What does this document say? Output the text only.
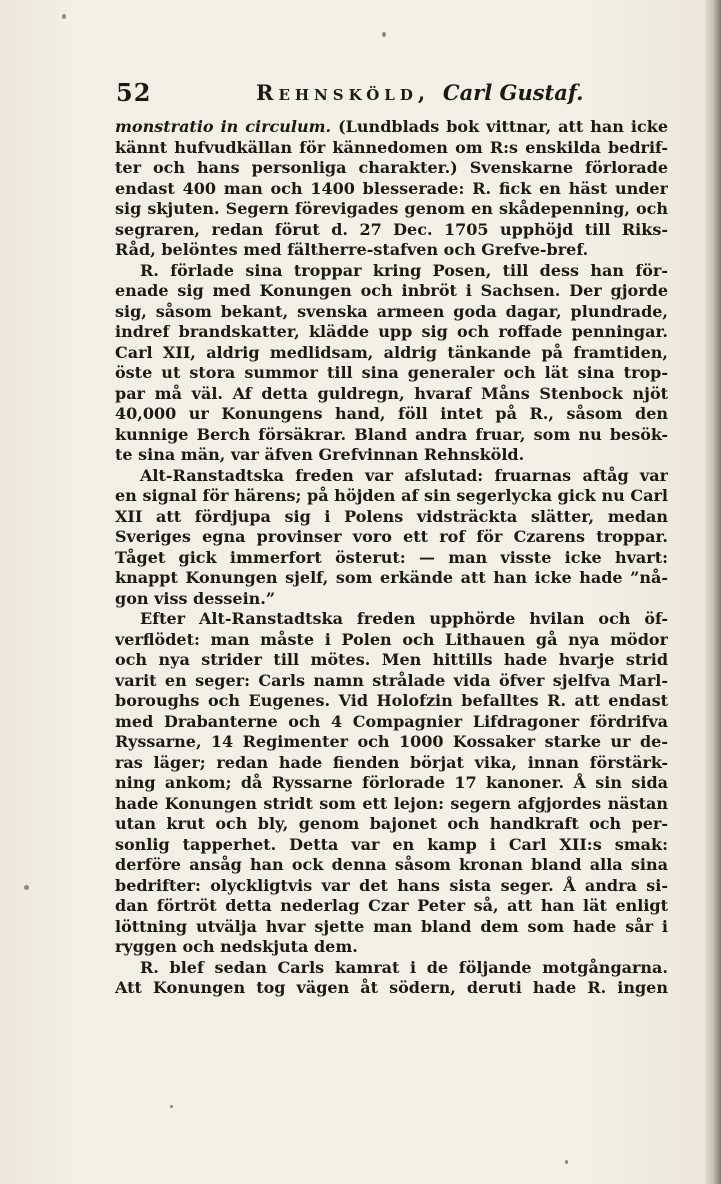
52	Rehnsköld, Carl Gustaf.
monstratio in circulum. (Lundblads bok vittnar, att han icke
kännt hufvudkällan för kännedomen om R:s enskilda bedrif-
ter och hans personliga charakter.) Svenskarne förlorade
endast 400 man och 1400 blesserade: R. fick en häst under
sig skjuten. Segern förevigades genom en skådepenning, och
segraren, redan förut d. 27 Dec. 1705 upphöjd till Riks-
Råd, belöntes med fältherre-stafven och Grefve-bref.
R. förlade sina troppar kring Posen, till dess han för-
enade sig med Konungen och inbröt i Sachsen. Der gjorde
sig, såsom bekant, svenska armeen goda dagar, plundrade,
indref brandskatter, klädde upp sig och roffade penningar.
Carl XII, aldrig medlidsam, aldrig tänkande på framtiden,
öste ut stora summor till sina generaler och lät sina trop-
par må väl. Af detta guldregn, hvaraf Måns Stenbock njöt
40,000 ur Konungens hand, föll intet på R., såsom den
kunnige Berch försäkrar. Bland andra fruar, som nu besök-
te sina män, var äfven Grefvinnan Rehnsköld.
Alt-Ranstadtska freden var afslutad: fruarnas aftåg var
en signal för härens; på höjden af sin segerlycka gick nu Carl
XII att fördjupa sig i Polens vidsträckta slätter, medan
Sveriges egna provinser voro ett rof för Czarens troppar.
Tåget gick immerfort österut: — man visste icke hvart:
knappt Konungen sjelf, som erkände att han icke hade ”nå-
gon viss dessein.”
Efter Alt-Ranstadtska freden upphörde hvilan och öf-
verflödet: man måste i Polen och Lithauen gå nya mödor
och nya strider till mötes. Men hittills hade hvarje strid
varit en seger: Carls namn strålade vida öfver sjelfva Marl-
boroughs och Eugenes. Vid Holofzin befalltes R. att endast
med Drabanterne och 4 Compagnier Lifdragoner fördrifva
Ryssarne, 14 Regimenter och 1000 Kossaker starke ur de-
ras läger; redan hade fienden börjat vika, innan förstärk-
ning ankom; då Ryssarne förlorade 17 kanoner. Å sin sida
hade Konungen stridt som ett lejon: segern afgjordes nästan
utan krut och bly, genom bajonet och handkraft och per-
sonlig tapperhet. Detta var en kamp i Carl XII:s smak:
derföre ansåg han ock denna såsom kronan bland alla sina
bedrifter: olyckligtvis var det hans sista seger. Å andra si-
dan förtröt detta nederlag Czar Peter så, att han lät enligt
löttning utvälja hvar sjette man bland dem som hade sår i
ryggen och nedskjuta dem.
R. blef sedan Carls kamrat i de följande motgångarna.
Att Konungen tog vägen åt södern, deruti hade R. ingen
